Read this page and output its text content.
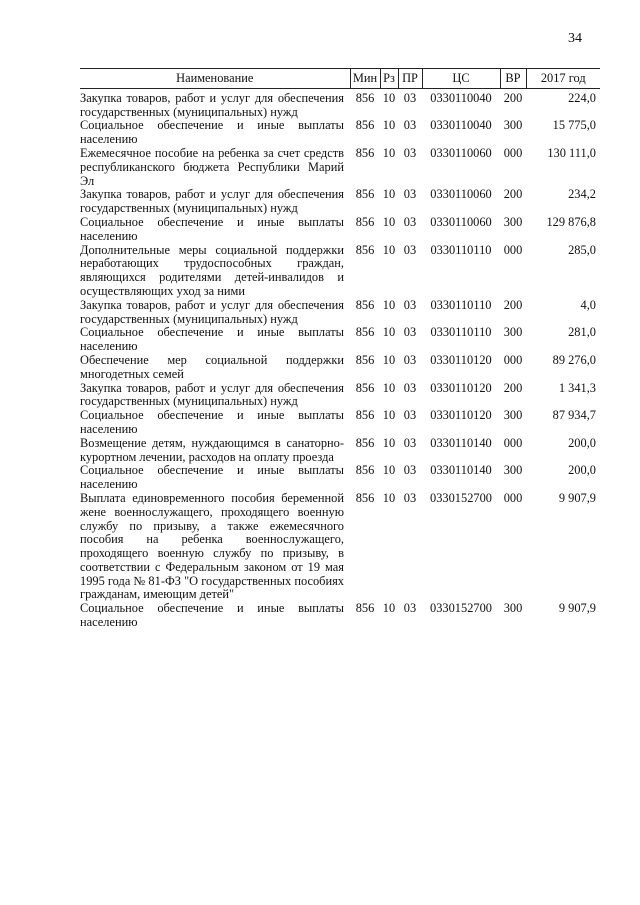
34
Наименование	Мин	Рз	ПР	ЦС	ВР	2017 год
Закупка товаров, работ и услуг для обеспечения государственных (муниципальных) нужд	856	10	03	0330110040	200	224,0
Социальное обеспечение и иные выплаты населению	856	10	03	0330110040	300	15 775,0
Ежемесячное пособие на ребенка за счет средств республиканского бюджета Республики Марий Эл	856	10	03	0330110060	000	130 111,0
Закупка товаров, работ и услуг для обеспечения государственных (муниципальных) нужд	856	10	03	0330110060	200	234,2
Социальное обеспечение и иные выплаты населению	856	10	03	0330110060	300	129 876,8
Дополнительные меры социальной поддержки неработающих трудоспособных граждан, являющихся родителями детей-инвалидов и осуществляющих уход за ними	856	10	03	0330110110	000	285,0
Закупка товаров, работ и услуг для обеспечения государственных (муниципальных) нужд	856	10	03	0330110110	200	4,0
Социальное обеспечение и иные выплаты населению	856	10	03	0330110110	300	281,0
Обеспечение мер социальной поддержки многодетных семей	856	10	03	0330110120	000	89 276,0
Закупка товаров, работ и услуг для обеспечения государственных (муниципальных) нужд	856	10	03	0330110120	200	1 341,3
Социальное обеспечение и иные выплаты населению	856	10	03	0330110120	300	87 934,7
Возмещение детям, нуждающимся в санаторно-курортном лечении, расходов на оплату проезда	856	10	03	0330110140	000	200,0
Социальное обеспечение и иные выплаты населению	856	10	03	0330110140	300	200,0
Выплата единовременного пособия беременной жене военнослужащего, проходящего военную службу по призыву, а также ежемесячного пособия на ребенка военнослужащего, проходящего военную службу по призыву, в соответствии с Федеральным законом от 19 мая 1995 года № 81-ФЗ "О государственных пособиях гражданам, имеющим детей"	856	10	03	0330152700	000	9 907,9
Социальное обеспечение и иные выплаты населению	856	10	03	0330152700	300	9 907,9
